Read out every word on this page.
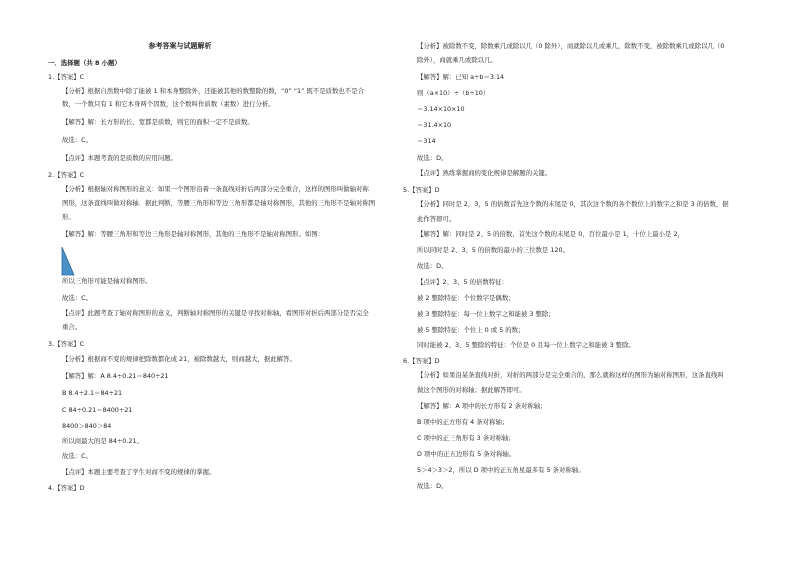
参考答案与试题解析
一．选择题（共 8 小题）
1.【答案】C
【分析】根据自然数中除了能被 1 和本身整除外，还能被其他的数整除的数，“0” “1” 既不是质数也不是合
数，一个数只有 1 和它本身两个因数，这个数叫作质数（素数）进行分析。
【解答】解：长方形的长、宽都是质数，则它的面积一定不是质数。
故选：C。
【点评】本题考查的是质数的应用问题。
2.【答案】C
【分析】根据轴对称图形的意义：如果一个图形沿着一条直线对折后两部分完全重合，这样的图形叫做轴对称
图形，这条直线叫做对称轴．据此判断，等腰三角形和等边三角形都是轴对称图形，其他的三角形不是轴对称图
形。
【解答】解：等腰三角形和等边三角形是轴对称图形，其他的三角形不是轴对称图形。如图：
所以三角形可能是轴对称图形。
故选：C。
【点评】此题考查了轴对称图形的意义，判断轴对称图形的关键是寻找对称轴，看图形对折后两部分是否完全
重合。
3.【答案】C
【分析】根据商不变的规律把除数都化成 21，被除数越大，则商越大，据此解答。
【解答】解：A 8.4÷0.21＝840÷21
B 8.4÷2.1＝84÷21
C 84÷0.21＝8400÷21
8400＞840＞84
所以商最大的是 84÷0.21。
故选：C。
【点评】本题主要考查了学生对商不变的规律的掌握。
4.【答案】D
【分析】被除数不变，除数乘几或除以几（0 除外），商就除以几或乘几，除数不变，被除数乘几或除以几（0
除外），商就乘几或除以几。
【解答】解：已知 a÷b＝3.14
则（a×10）÷（b÷10）
＝3.14×10×10
＝31.4×10
＝314
故选：D。
【点评】熟练掌握商的变化规律是解题的关键。
5.【答案】D
【分析】同时是 2，3，5 的倍数首先这个数的末尾是 0，其次这个数的各个数位上的数字之和是 3 的倍数，据
此作答即可。
【解答】解：同时是 2、5 的倍数，首先这个数的末尾是 0，百位最小是 1，十位上最小是 2，
所以同时是 2、3、5 的倍数的最小的三位数是 120。
故选：D。
【点评】2、3、5 的倍数特征：
被 2 整除特征：个位数字是偶数；
被 3 整除特征：每一位上数字之和能被 3 整除；
被 5 整除特征：个位上 0 或 5 的数；
同时能被 2、3、5 整除的特征：个位是 0 且每一位上数字之和能被 3 整除。
6.【答案】D
【分析】如果沿某条直线对折，对折的两部分是完全重合的，那么就称这样的图形为轴对称图形，这条直线叫
做这个图形的对称轴；据此解答即可。
【解答】解：A 项中的长方形有 2 条对称轴；
B 项中的正方形有 4 条对称轴；
C 项中的正三角形有 3 条对称轴；
D 项中的正五边形有 5 条对称轴。
5＞4＞3＞2，所以 D 项中的正五角星最多有 5 条对称轴。
故选：D。
